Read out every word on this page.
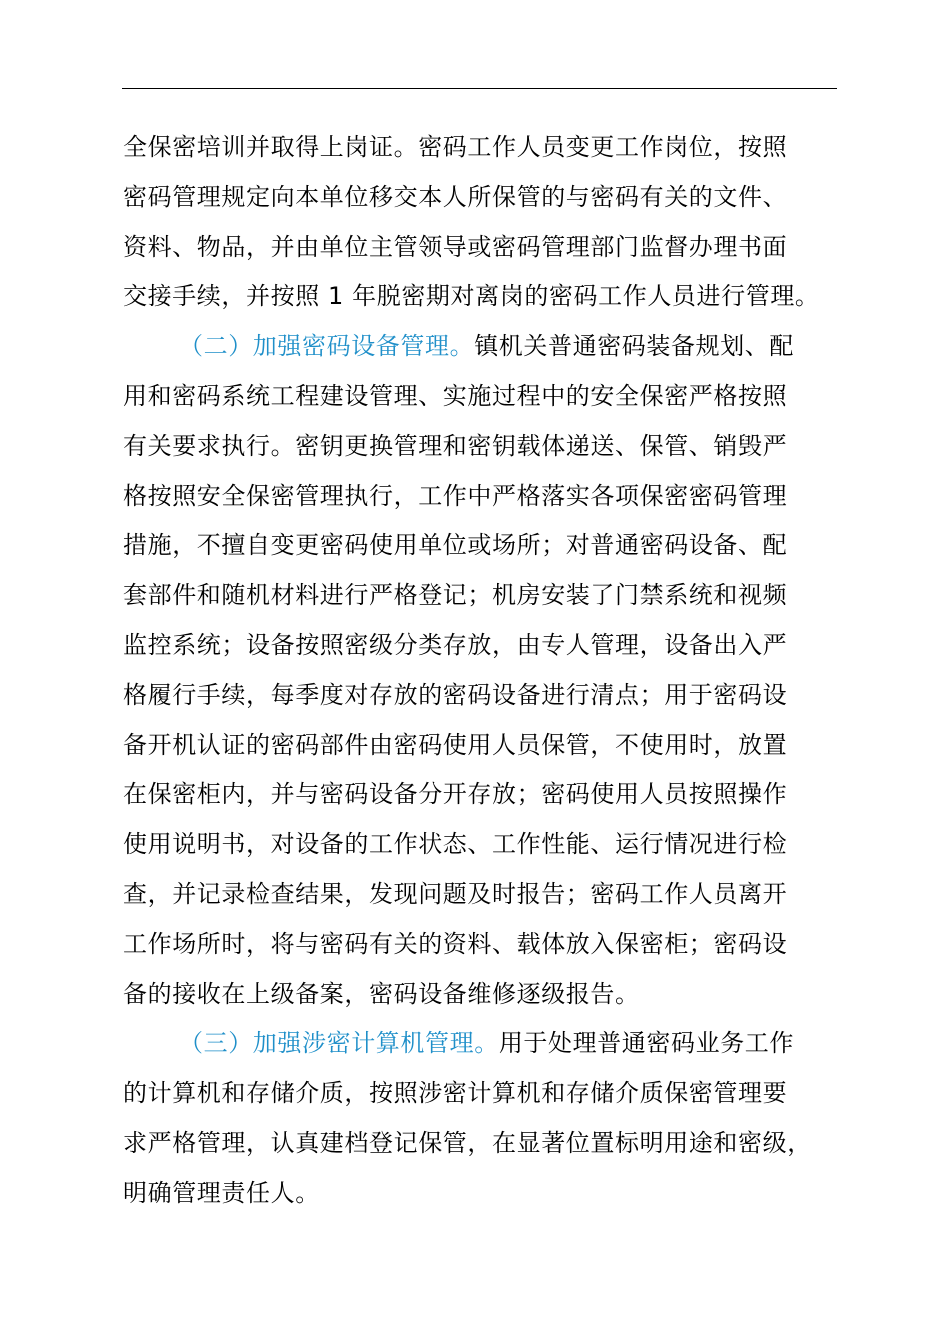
全保密培训并取得上岗证。密码工作人员变更工作岗位，按照
密码管理规定向本单位移交本人所保管的与密码有关的文件、
资料、物品，并由单位主管领导或密码管理部门监督办理书面
交接手续，并按照 1 年脱密期对离岗的密码工作人员进行管理。
（二）加强密码设备管理。镇机关普通密码装备规划、配
用和密码系统工程建设管理、实施过程中的安全保密严格按照
有关要求执行。密钥更换管理和密钥载体递送、保管、销毁严
格按照安全保密管理执行，工作中严格落实各项保密密码管理
措施，不擅自变更密码使用单位或场所；对普通密码设备、配
套部件和随机材料进行严格登记；机房安装了门禁系统和视频
监控系统；设备按照密级分类存放，由专人管理，设备出入严
格履行手续，每季度对存放的密码设备进行清点；用于密码设
备开机认证的密码部件由密码使用人员保管，不使用时，放置
在保密柜内，并与密码设备分开存放；密码使用人员按照操作
使用说明书，对设备的工作状态、工作性能、运行情况进行检
查，并记录检查结果，发现问题及时报告；密码工作人员离开
工作场所时，将与密码有关的资料、载体放入保密柜；密码设
备的接收在上级备案，密码设备维修逐级报告。
（三）加强涉密计算机管理。用于处理普通密码业务工作
的计算机和存储介质，按照涉密计算机和存储介质保密管理要
求严格管理，认真建档登记保管，在显著位置标明用途和密级，
明确管理责任人。
